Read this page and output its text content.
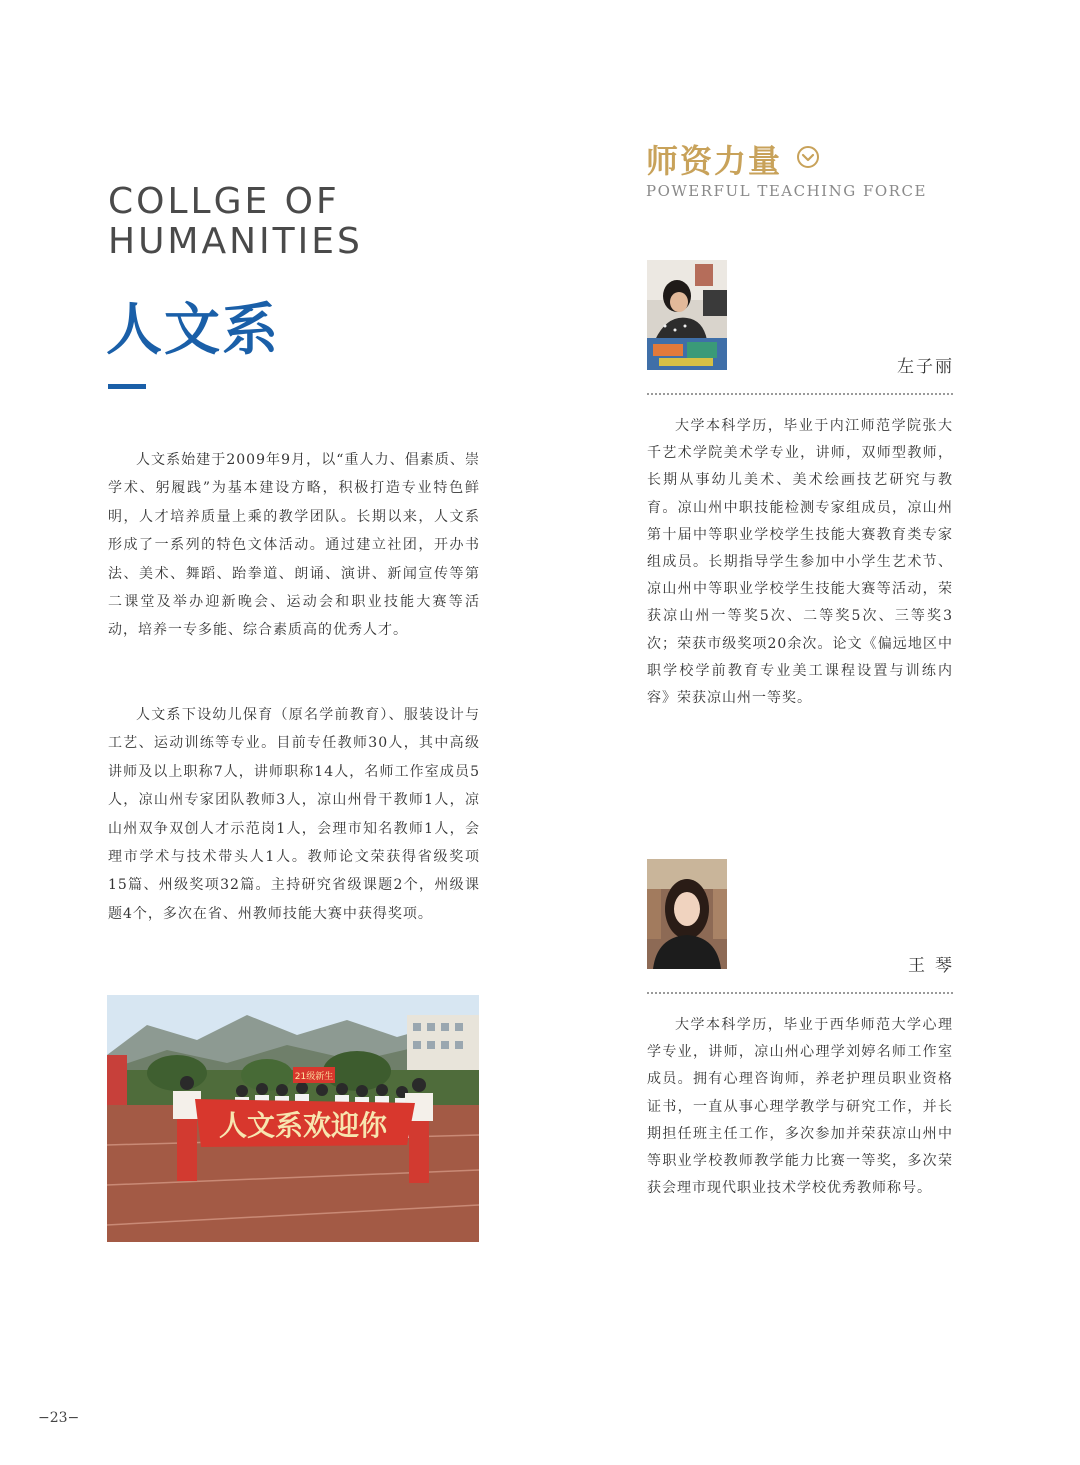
COLLGE OF
HUMANITIES
人文系

人文系始建于2009年9月，以“重人力、倡素质、崇学术、躬履践”为基本建设方略，积极打造专业特色鲜明，人才培养质量上乘的教学团队。长期以来，人文系形成了一系列的特色文体活动。通过建立社团，开办书法、美术、舞蹈、跆拳道、朗诵、演讲、新闻宣传等第二课堂及举办迎新晚会、运动会和职业技能大赛等活动，培养一专多能、综合素质高的优秀人才。

人文系下设幼儿保育（原名学前教育）、服装设计与工艺、运动训练等专业。目前专任教师30人，其中高级讲师及以上职称7人，讲师职称14人，名师工作室成员5人，凉山州专家团队教师3人，凉山州骨干教师1人，凉山州双争双创人才示范岗1人，会理市知名教师1人，会理市学术与技术带头人1人。教师论文荣获得省级奖项15篇、州级奖项32篇。主持研究省级课题2个，州级课题4个，多次在省、州教师技能大赛中获得奖项。

21级新生
人文系欢迎你
师资力量
POWERFUL TEACHING FORCE
左子丽

大学本科学历，毕业于内江师范学院张大千艺术学院美术学专业，讲师，双师型教师，长期从事幼儿美术、美术绘画技艺研究与教育。凉山州中职技能检测专家组成员，凉山州第十届中等职业学校学生技能大赛教育类专家组成员。长期指导学生参加中小学生艺术节、凉山州中等职业学校学生技能大赛等活动，荣获凉山州一等奖5次、二等奖5次、三等奖3次；荣获市级奖项20余次。论文《偏远地区中职学校学前教育专业美工课程设置与训练内容》荣获凉山州一等奖。

王琴

大学本科学历，毕业于西华师范大学心理学专业，讲师，凉山州心理学刘婷名师工作室成员。拥有心理咨询师，养老护理员职业资格证书，一直从事心理学教学与研究工作，并长期担任班主任工作，多次参加并荣获凉山州中等职业学校教师教学能力比赛一等奖，多次荣获会理市现代职业技术学校优秀教师称号。

−23−
